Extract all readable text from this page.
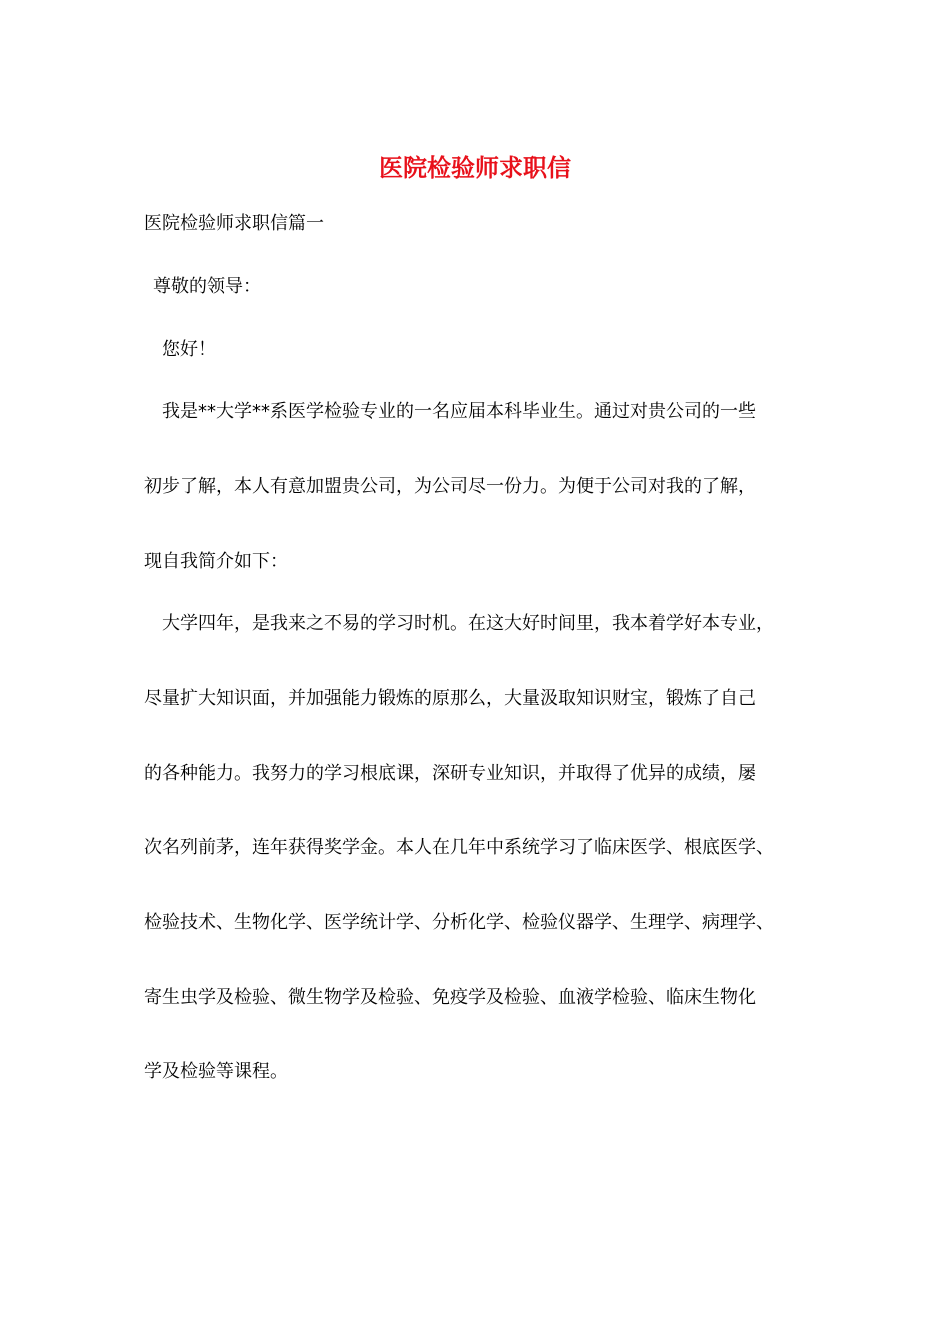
医院检验师求职信

医院检验师求职信篇一

尊敬的领导：

您好！

我是**大学**系医学检验专业的一名应届本科毕业生。通过对贵公司的一些

初步了解，本人有意加盟贵公司，为公司尽一份力。为便于公司对我的了解，

现自我简介如下：

大学四年，是我来之不易的学习时机。在这大好时间里，我本着学好本专业，

尽量扩大知识面，并加强能力锻炼的原那么，大量汲取知识财宝，锻炼了自己

的各种能力。我努力的学习根底课，深研专业知识，并取得了优异的成绩，屡

次名列前茅，连年获得奖学金。本人在几年中系统学习了临床医学、根底医学、

检验技术、生物化学、医学统计学、分析化学、检验仪器学、生理学、病理学、

寄生虫学及检验、微生物学及检验、免疫学及检验、血液学检验、临床生物化

学及检验等课程。
